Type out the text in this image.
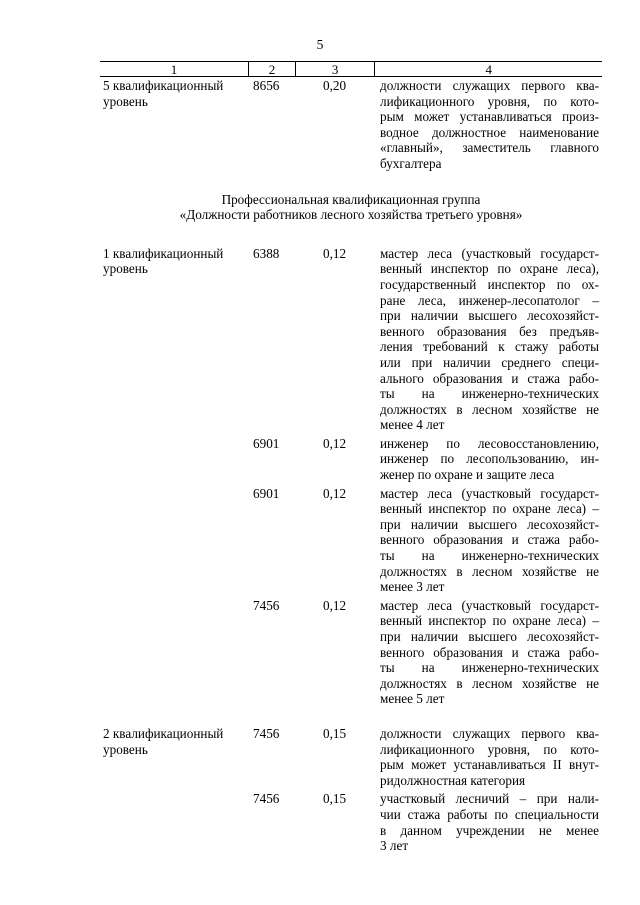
5
1	2	3	4
5 квалификационный уровень
8656	0,20	должности служащих первого ква-
лификационного уровня, по кото-
рым может устанавливаться произ-
водное должностное наименование
«главный», заместитель главного
бухгалтера
Профессиональная квалификационная группа
«Должности работников лесного хозяйства третьего уровня»
1 квалификационный уровень
6388	0,12	мастер леса (участковый государст-
венный инспектор по охране леса),
государственный инспектор по ох-
ране леса, инженер-лесопатолог –
при наличии высшего лесохозяйст-
венного образования без предъяв-
ления требований к стажу работы
или при наличии среднего специ-
ального образования и стажа рабо-
ты на инженерно-технических
должностях в лесном хозяйстве не
менее 4 лет
6901	0,12	инженер по лесовосстановлению,
инженер по лесопользованию, ин-
женер по охране и защите леса
6901	0,12	мастер леса (участковый государст-
венный инспектор по охране леса) –
при наличии высшего лесохозяйст-
венного образования и стажа рабо-
ты на инженерно-технических
должностях в лесном хозяйстве не
менее 3 лет
7456	0,12	мастер леса (участковый государст-
венный инспектор по охране леса) –
при наличии высшего лесохозяйст-
венного образования и стажа рабо-
ты на инженерно-технических
должностях в лесном хозяйстве не
менее 5 лет
2 квалификационный уровень
7456	0,15	должности служащих первого ква-
лификационного уровня, по кото-
рым может устанавливаться II внут-
ридолжностная категория
7456	0,15	участковый лесничий – при нали-
чии стажа работы по специальности
в данном учреждении не менее
3 лет
